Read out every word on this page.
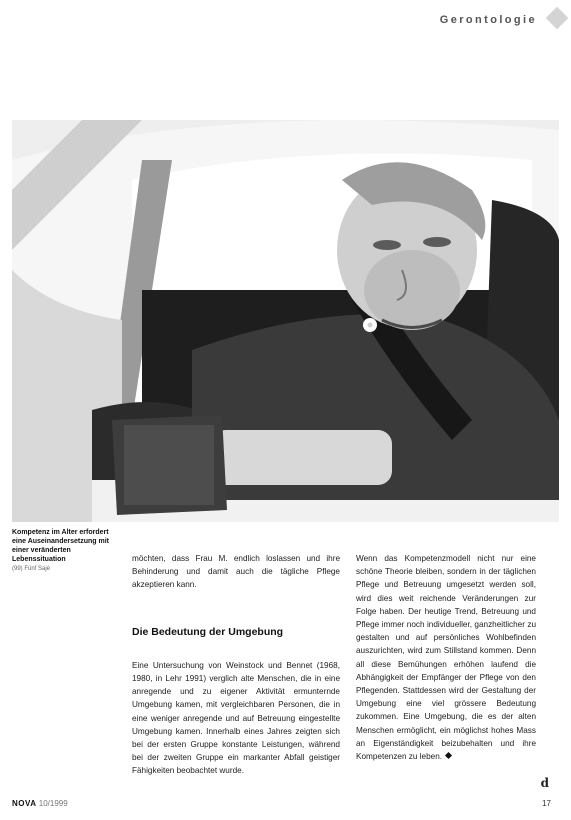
Gerontologie
Kompetenz im Alter erfordert eine Auseinandersetzung mit einer veränderten Lebenssituation
(99) Fünf Sajé

möchten, dass Frau M. endlich loslassen und ihre Behinderung und damit auch die tägliche Pflege akzeptieren kann.

Die Bedeutung der Umgebung

Eine Untersuchung von Weinstock und Bennet (1968, 1980, in Lehr 1991) verglich alte Menschen, die in eine anregende und zu eigener Aktivität ermunternde Umgebung kamen, mit vergleichbaren Personen, die in eine weniger anregende und auf Betreuung eingestellte Umgebung kamen. Innerhalb eines Jahres zeigten sich bei der ersten Gruppe konstante Leistungen, während bei der zweiten Gruppe ein markanter Abfall geistiger Fähigkeiten beobachtet wurde.

Wenn das Kompetenzmodell nicht nur eine schöne Theorie bleiben, sondern in der täglichen Pflege und Betreuung umgesetzt werden soll, wird dies weit reichende Veränderungen zur Folge haben. Der heutige Trend, Betreuung und Pflege immer noch individueller, ganzheitlicher zu gestalten und auf persönliches Wohlbefinden auszurichten, wird zum Stillstand kommen. Denn all diese Bemühungen erhöhen laufend die Abhängigkeit der Empfänger der Pflege von den Pflegenden. Stattdessen wird der Gestaltung der Umgebung eine viel grössere Bedeutung zukommen. Eine Umgebung, die es der alten Menschen ermöglicht, ein möglichst hohes Mass an Eigenständigkeit beizubehalten und ihre Kompetenzen zu leben.

NOVA 10/1999
d
17
